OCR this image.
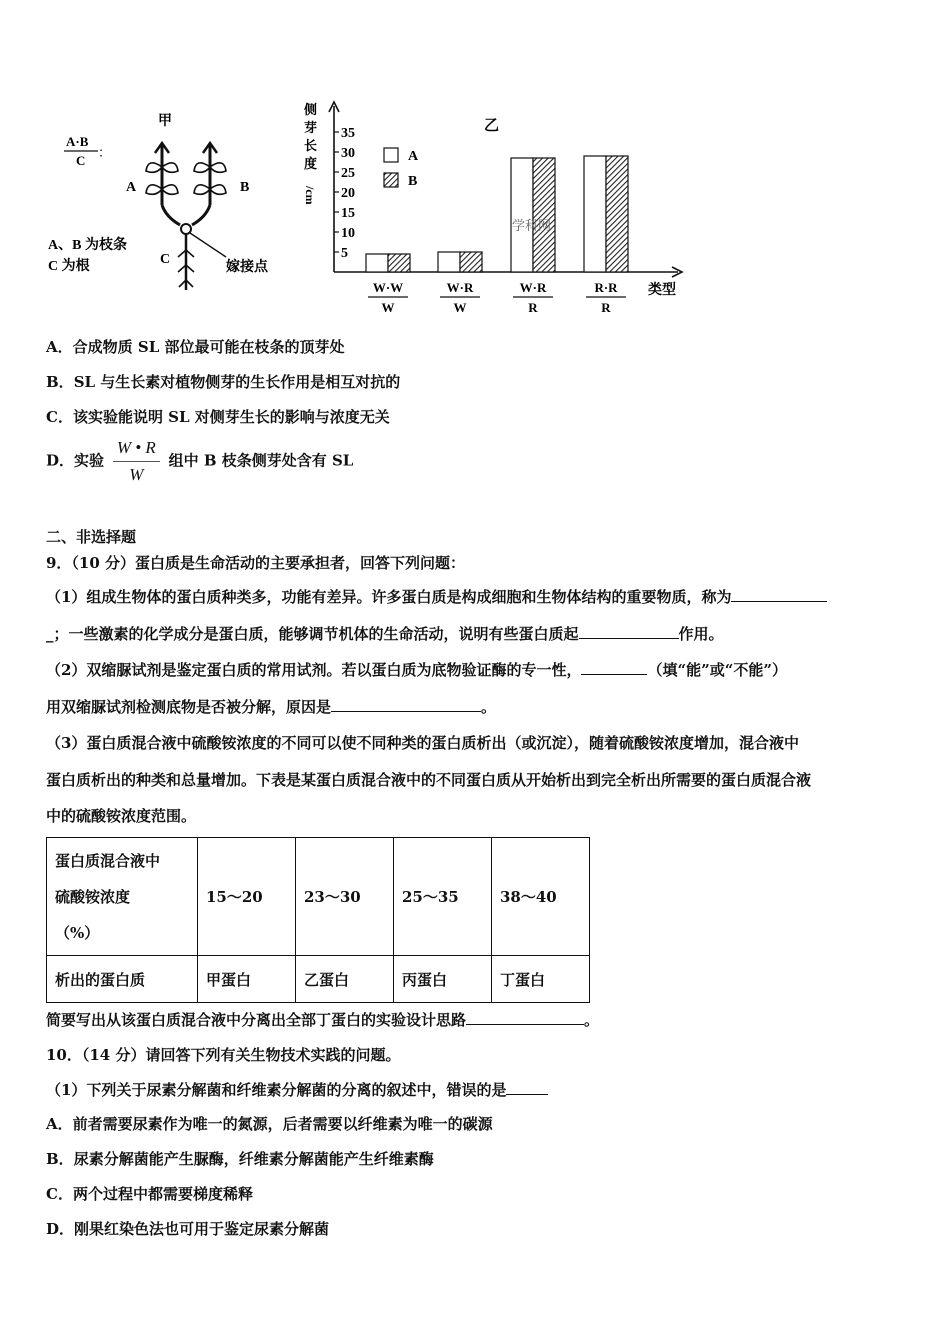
甲
A·B
C
：
A	B
C
A、B 为枝条
C 为根	嫁接点
侧
芽
长
度
/cm
乙
类型
5
10
15
20
25
30
35
W·W
W
W·R
W
W·R
R
R·R
R
A
B
学科网
A．合成物质 SL 部位最可能在枝条的顶芽处
B．SL 与生长素对植物侧芽的生长作用是相互对抗的
C．该实验能说明 SL 对侧芽生长的影响与浓度无关
D．实验 $\frac{W • R}{W}$ 组中 B 枝条侧芽处含有 SL
二、非选择题
9．（10 分）蛋白质是生命活动的主要承担者，回答下列问题：
（1）组成生物体的蛋白质种类多，功能有差异。许多蛋白质是构成细胞和生物体结构的重要物质，称为
_；一些激素的化学成分是蛋白质，能够调节机体的生命活动，说明有些蛋白质起	作用。
（2）双缩脲试剂是鉴定蛋白质的常用试剂。若以蛋白质为底物验证酶的专一性，	（填“能”或“不能”）
用双缩脲试剂检测底物是否被分解，原因是	。
（3）蛋白质混合液中硫酸铵浓度的不同可以使不同种类的蛋白质析出（或沉淀），随着硫酸铵浓度增加，混合液中
蛋白质析出的种类和总量增加。下表是某蛋白质混合液中的不同蛋白质从开始析出到完全析出所需要的蛋白质混合液
中的硫酸铵浓度范围。
蛋白质混合液中
硫酸铵浓度
（%）	15～20	23～30	25～35	38～40
析出的蛋白质	甲蛋白	乙蛋白	丙蛋白	丁蛋白
简要写出从该蛋白质混合液中分离出全部丁蛋白的实验设计思路	。
10．（14 分）请回答下列有关生物技术实践的问题。
（1）下列关于尿素分解菌和纤维素分解菌的分离的叙述中，错误的是
A．前者需要尿素作为唯一的氮源，后者需要以纤维素为唯一的碳源
B．尿素分解菌能产生脲酶，纤维素分解菌能产生纤维素酶
C．两个过程中都需要梯度稀释
D．刚果红染色法也可用于鉴定尿素分解菌
